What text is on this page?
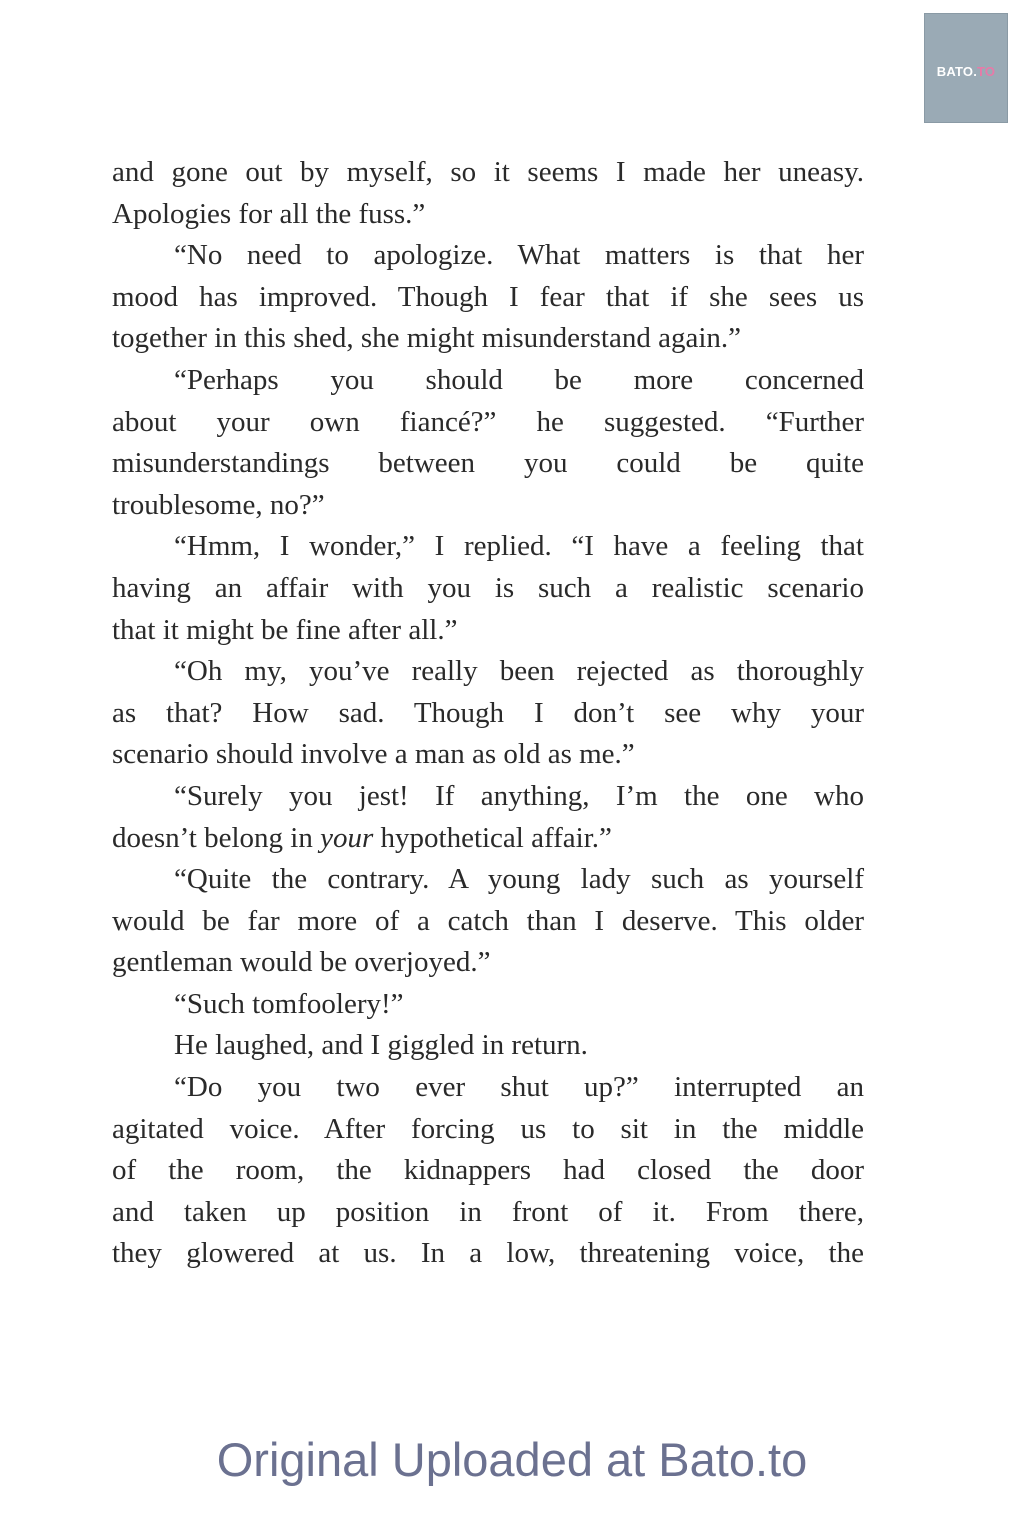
BATO.TO
and gone out by myself, so it seems I made her uneasy.
Apologies for all the fuss.”
“No need to apologize. What matters is that her
mood has improved. Though I fear that if she sees us
together in this shed, she might misunderstand again.”
“Perhaps you should be more concerned
about your own fiancé?” he suggested. “Further
misunderstandings between you could be quite
troublesome, no?”
“Hmm, I wonder,” I replied. “I have a feeling that
having an affair with you is such a realistic scenario
that it might be fine after all.”
“Oh my, you’ve really been rejected as thoroughly
as that? How sad. Though I don’t see why your
scenario should involve a man as old as me.”
“Surely you jest! If anything, I’m the one who
doesn’t belong in your hypothetical affair.”
“Quite the contrary. A young lady such as yourself
would be far more of a catch than I deserve. This older
gentleman would be overjoyed.”
“Such tomfoolery!”
He laughed, and I giggled in return.
“Do you two ever shut up?” interrupted an
agitated voice. After forcing us to sit in the middle
of the room, the kidnappers had closed the door
and taken up position in front of it. From there,
they glowered at us. In a low, threatening voice, the
Original Uploaded at Bato.to
